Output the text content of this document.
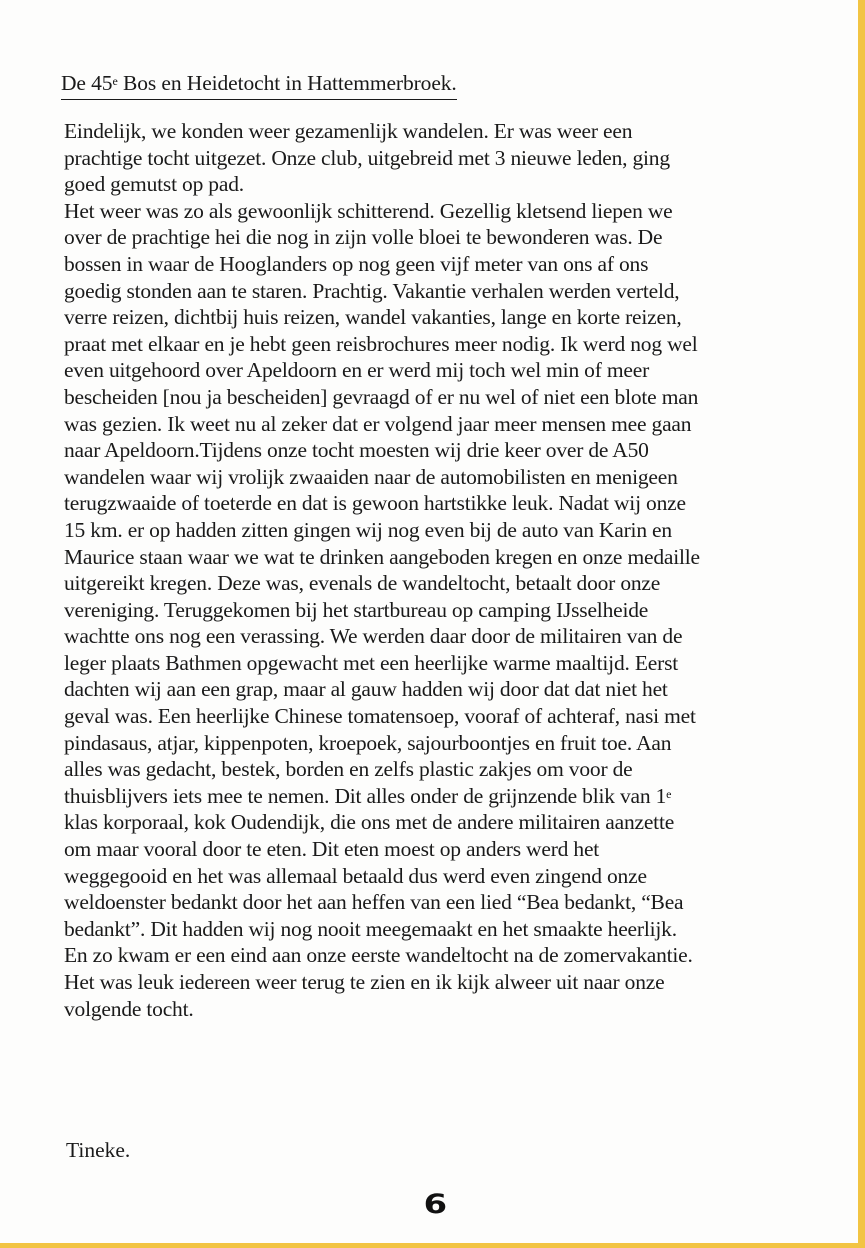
De 45e Bos en Heidetocht in Hattemmerbroek.
Eindelijk, we konden weer gezamenlijk wandelen. Er was weer een
prachtige tocht uitgezet. Onze club, uitgebreid met 3 nieuwe leden, ging
goed gemutst op pad.
Het weer was zo als gewoonlijk schitterend. Gezellig kletsend liepen we
over de prachtige hei die nog in zijn volle bloei te bewonderen was. De
bossen in waar de Hooglanders op nog geen vijf meter van ons af ons
goedig stonden aan te staren. Prachtig. Vakantie verhalen werden verteld,
verre reizen, dichtbij huis reizen, wandel vakanties, lange en korte reizen,
praat met elkaar en je hebt geen reisbrochures meer nodig. Ik werd nog wel
even uitgehoord over Apeldoorn en er werd mij toch wel min of meer
bescheiden [nou ja bescheiden] gevraagd of er nu wel of niet een blote man
was gezien. Ik weet nu al zeker dat er volgend jaar meer mensen mee gaan
naar Apeldoorn.Tijdens onze tocht moesten wij drie keer over de A50
wandelen waar wij vrolijk zwaaiden naar de automobilisten en menigeen
terugzwaaide of toeterde en dat is gewoon hartstikke leuk. Nadat wij onze
15 km. er op hadden zitten gingen wij nog even bij de auto van Karin en
Maurice staan waar we wat te drinken aangeboden kregen en onze medaille
uitgereikt kregen. Deze was, evenals de wandeltocht, betaalt door onze
vereniging. Teruggekomen bij het startbureau op camping IJsselheide
wachtte ons nog een verassing. We werden daar door de militairen van de
leger plaats Bathmen opgewacht met een heerlijke warme maaltijd. Eerst
dachten wij aan een grap, maar al gauw hadden wij door dat dat niet het
geval was. Een heerlijke Chinese tomatensoep, vooraf of achteraf, nasi met
pindasaus, atjar, kippenpoten, kroepoek, sajourboontjes en fruit toe. Aan
alles was gedacht, bestek, borden en zelfs plastic zakjes om voor de
thuisblijvers iets mee te nemen. Dit alles onder de grijnzende blik van 1e
klas korporaal, kok Oudendijk, die ons met de andere militairen aanzette
om maar vooral door te eten. Dit eten moest op anders werd het
weggegooid en het was allemaal betaald dus werd even zingend onze
weldoenster bedankt door het aan heffen van een lied “Bea bedankt, “Bea
bedankt”. Dit hadden wij nog nooit meegemaakt en het smaakte heerlijk.
En zo kwam er een eind aan onze eerste wandeltocht na de zomervakantie.
Het was leuk iedereen weer terug te zien en ik kijk alweer uit naar onze
volgende tocht.
Tineke.
6
